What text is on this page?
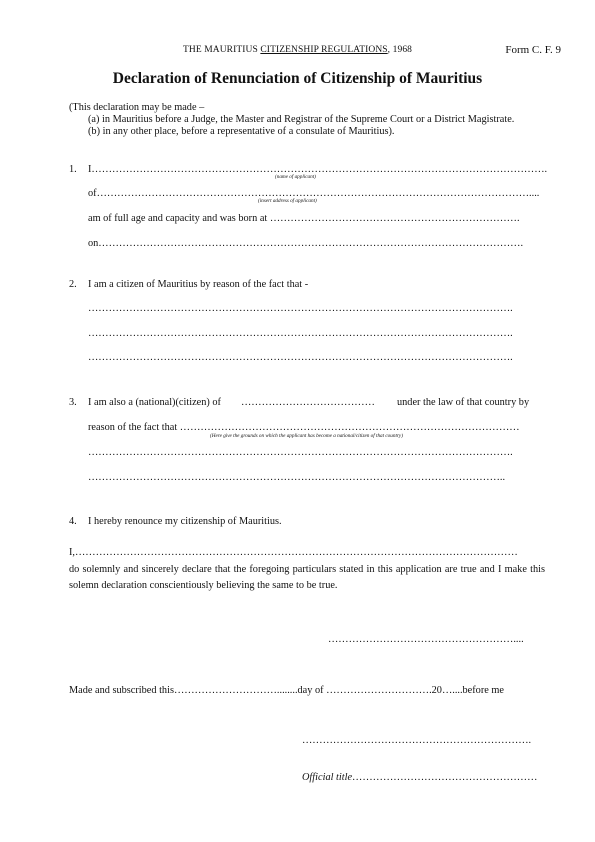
THE MAURITIUS CITIZENSHIP REGULATIONS, 1968	Form C. F. 9
Declaration of Renunciation of Citizenship of Mauritius
(This declaration may be made –
(a) in Mauritius before a Judge, the Master and Registrar of the Supreme Court or a District Magistrate.
(b) in any other place, before a representative of a consulate of Mauritius).
1. I…………………………………………………………………………………………………………………….
(name of applicant)
of………………………………………………………………………………………………………………....
(insert address of applicant)
am of full age and capacity and was born at ……………………………………………………………….
on…………………………………………………………………………………………………………….
2. I am a citizen of Mauritius by reason of the fact that -
…………………………………………………………………………………………………………….
…………………………………………………………………………………………………………….
…………………………………………………………………………………………………………….
3. I am also a (national)(citizen) of ………………………………… under the law of that country by
reason of the fact that ………………………………………………………………………………………
(Here give the grounds on which the applicant has become a national/citizen of that country)
…………………………………………………………………………………………………………….
…………………………………………………………………………………………………………..
4. I hereby renounce my citizenship of Mauritius.
I,…………………………………………………………………………………………………………………
do solemnly and sincerely declare that the foregoing particulars stated in this application are true and I make this solemn declaration conscientiously believing the same to be true.
………………………………………………....
Made and subscribed this…………………………........day of ………………………….20…....before me
………………………………………………………….
Official title………………………………………………
